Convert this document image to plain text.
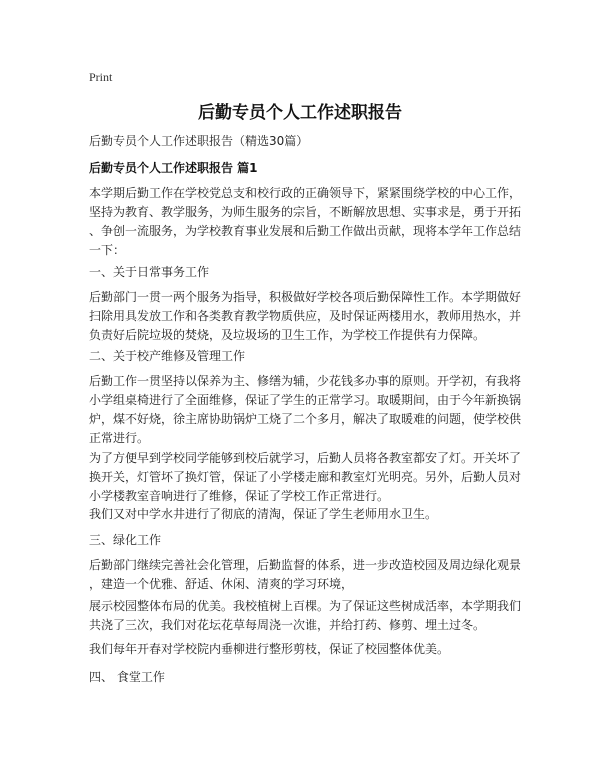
Print
后勤专员个人工作述职报告
后勤专员个人工作述职报告（精选30篇）
后勤专员个人工作述职报告 篇1

本学期后勤工作在学校党总支和校行政的正确领导下，紧紧围绕学校的中心工作，
坚持为教育、教学服务，为师生服务的宗旨，不断解放思想、实事求是，勇于开拓
、争创一流服务，为学校教育事业发展和后勤工作做出贡献，现将本学年工作总结
一下：

一、关于日常事务工作

后勤部门一贯一两个服务为指导，积极做好学校各项后勤保障性工作。本学期做好
扫除用具发放工作和各类教育教学物质供应，及时保证两楼用水，教师用热水，并
负责好后院垃圾的焚烧，及垃圾场的卫生工作，为学校工作提供有力保障。

二、关于校产维修及管理工作

后勤工作一贯坚持以保养为主、修缮为辅，少花钱多办事的原则。开学初，有我将
小学组桌椅进行了全面维修，保证了学生的正常学习。取暖期间，由于今年新换锅
炉，煤不好烧，徐主席协助锅炉工烧了二个多月，解决了取暖难的问题，使学校供
正常进行。

为了方便早到学校同学能够到校后就学习，后勤人员将各教室都安了灯。开关坏了
换开关，灯管坏了换灯管，保证了小学楼走廊和教室灯光明亮。另外，后勤人员对
小学楼教室音响进行了维修，保证了学校工作正常进行。

我们又对中学水井进行了彻底的清淘，保证了学生老师用水卫生。

三、绿化工作

后勤部门继续完善社会化管理，后勤监督的体系，进一步改造校园及周边绿化观景
，建造一个优雅、舒适、休闲、清爽的学习环境，

展示校园整体布局的优美。我校植树上百棵。为了保证这些树成活率，本学期我们
共浇了三次，我们对花坛花草每周浇一次谁，并给打药、修剪、埋土过冬。

我们每年开春对学校院内垂柳进行整形剪枝，保证了校园整体优美。

四、 食堂工作
